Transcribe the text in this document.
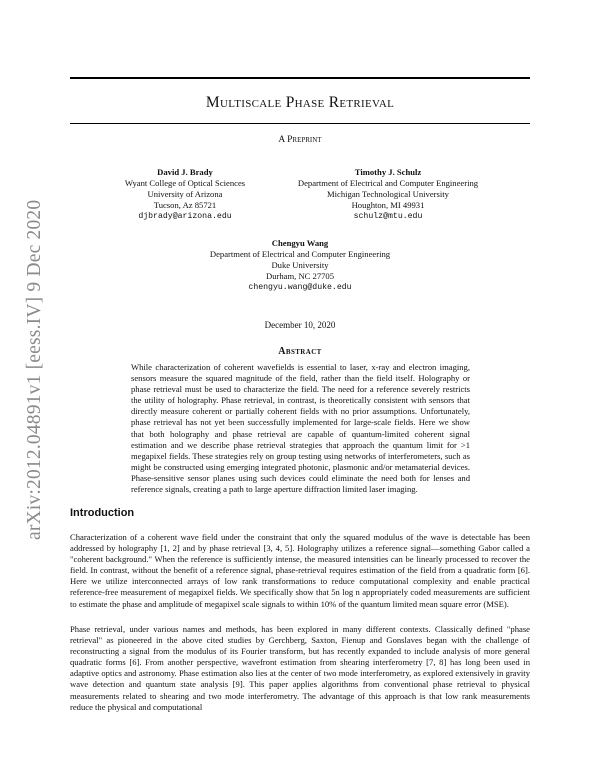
arXiv:2012.04891v1 [eess.IV] 9 Dec 2020
Multiscale Phase Retrieval
A Preprint
David J. Brady
Wyant College of Optical Sciences
University of Arizona
Tucson, Az 85721
djbrady@arizona.edu
Timothy J. Schulz
Department of Electrical and Computer Engineering
Michigan Technological University
Houghton, MI 49931
schulz@mtu.edu
Chengyu Wang
Department of Electrical and Computer Engineering
Duke University
Durham, NC 27705
chengyu.wang@duke.edu
December 10, 2020
Abstract
While characterization of coherent wavefields is essential to laser, x-ray and electron imaging, sensors measure the squared magnitude of the field, rather than the field itself. Holography or phase retrieval must be used to characterize the field. The need for a reference severely restricts the utility of holography. Phase retrieval, in contrast, is theoretically consistent with sensors that directly measure coherent or partially coherent fields with no prior assumptions. Unfortunately, phase retrieval has not yet been successfully implemented for large-scale fields. Here we show that both holography and phase retrieval are capable of quantum-limited coherent signal estimation and we describe phase retrieval strategies that approach the quantum limit for >1 megapixel fields. These strategies rely on group testing using networks of interferometers, such as might be constructed using emerging integrated photonic, plasmonic and/or metamaterial devices. Phase-sensitive sensor planes using such devices could eliminate the need both for lenses and reference signals, creating a path to large aperture diffraction limited laser imaging.
Introduction
Characterization of a coherent wave field under the constraint that only the squared modulus of the wave is detectable has been addressed by holography [1, 2] and by phase retrieval [3, 4, 5]. Holography utilizes a reference signal—something Gabor called a "coherent background." When the reference is sufficiently intense, the measured intensities can be linearly processed to recover the field. In contrast, without the benefit of a reference signal, phase-retrieval requires estimation of the field from a quadratic form [6]. Here we utilize interconnected arrays of low rank transformations to reduce computational complexity and enable practical reference-free measurement of megapixel fields. We specifically show that 5n log n appropriately coded measurements are sufficient to estimate the phase and amplitude of megapixel scale signals to within 10% of the quantum limited mean square error (MSE).
Phase retrieval, under various names and methods, has been explored in many different contexts. Classically defined "phase retrieval" as pioneered in the above cited studies by Gerchberg, Saxton, Fienup and Gonslaves began with the challenge of reconstructing a signal from the modulus of its Fourier transform, but has recently expanded to include analysis of more general quadratic forms [6]. From another perspective, wavefront estimation from shearing interferometry [7, 8] has long been used in adaptive optics and astronomy. Phase estimation also lies at the center of two mode interferometry, as explored extensively in gravity wave detection and quantum state analysis [9]. This paper applies algorithms from conventional phase retrieval to physical measurements related to shearing and two mode interferometry. The advantage of this approach is that low rank measurements reduce the physical and computational
